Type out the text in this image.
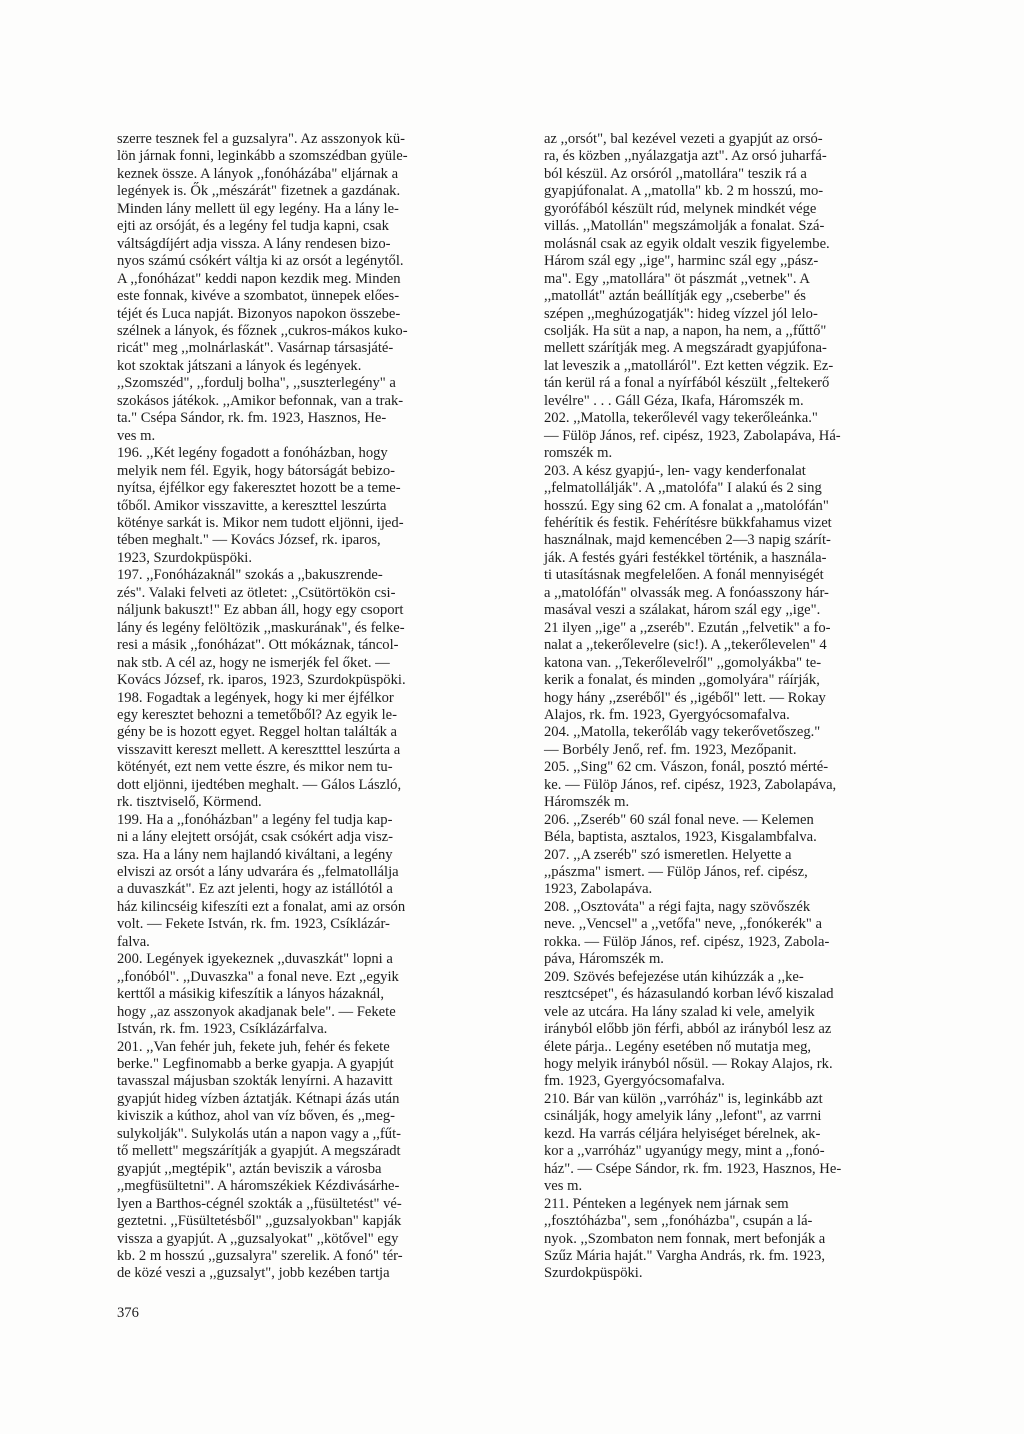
szerre tesznek fel a guzsalyra". Az asszonyok kü-
lön járnak fonni, leginkább a szomszédban gyüle-
keznek össze. A lányok ,,fonóházába" eljárnak a
legények is. Ők ,,mészárát" fizetnek a gazdának.
Minden lány mellett ül egy legény. Ha a lány le-
ejti az orsóját, és a legény fel tudja kapni, csak
váltságdíjért adja vissza. A lány rendesen bizo-
nyos számú csókért váltja ki az orsót a legénytől.
A ,,fonóházat" keddi napon kezdik meg. Minden
este fonnak, kivéve a szombatot, ünnepek előes-
téjét és Luca napját. Bizonyos napokon összebe-
szélnek a lányok, és főznek ,,cukros-mákos kuko-
ricát" meg ,,molnárlaskát". Vasárnap társasjáté-
kot szoktak játszani a lányok és legények.
,,Szomszéd", ,,fordulj bolha", ,,suszterlegény" a
szokásos játékok. ,,Amikor befonnak, van a trak-
ta." Csépa Sándor, rk. fm. 1923, Hasznos, He-
ves m.

196. ,,Két legény fogadott a fonóházban, hogy
melyik nem fél. Egyik, hogy bátorságát bebizo-
nyítsa, éjfélkor egy fakeresztet hozott be a teme-
tőből. Amikor visszavitte, a kereszttel leszúrta
kötényе sarkát is. Mikor nem tudott eljönni, ijed-
tében meghalt." — Kovács József, rk. iparos,
1923, Szurdokpüspöki.

197. ,,Fonóházaknál" szokás a ,,bakuszrende-
zés". Valaki felveti az ötletet: ,,Csütörtökön csi-
náljunk bakuszt!" Ez abban áll, hogy egy csoport
lány és legény felöltözik ,,maskurának", és felke-
resi a másik ,,fonóházat". Ott mókáznak, táncol-
nak stb. A cél az, hogy ne ismerjék fel őket. —
Kovács József, rk. iparos, 1923, Szurdokpüspöki.

198. Fogadtak a legények, hogy ki mer éjfélkor
egy keresztet behozni a temetőből? Az egyik le-
gény be is hozott egyet. Reggel holtan találták a
visszavitt kereszt mellett. A keresztttel leszúrta a
kötényét, ezt nem vette észre, és mikor nem tu-
dott eljönni, ijedtében meghalt. — Gálos László,
rk. tisztviselő, Körmend.

199. Ha a ,,fonóházban" a legény fel tudja kap-
ni a lány elejtett orsóját, csak csókért adja visz-
sza. Ha a lány nem hajlandó kiváltani, a legény
elviszi az orsót a lány udvarára és ,,felmatollálja
a duvaszkát". Ez azt jelenti, hogy az istállótól a
ház kilincséig kifeszíti ezt a fonalat, ami az orsón
volt. — Fekete István, rk. fm. 1923, Csíklázár-
falva.

200. Legények igyekeznek ,,duvaszkát" lopni a
,,fonóból". ,,Duvaszka" a fonal neve. Ezt ,,egyik
kerttől a másikig kifeszítik a lányos házaknál,
hogy ,,az asszonyok akadjanak bele". — Fekete
István, rk. fm. 1923, Csíklázárfalva.

201. ,,Van fehér juh, fekete juh, fehér és fekete
berke." Legfinomabb a berke gyapja. A gyapjút
tavasszal májusban szokták lenyírni. A hazavitt
gyapjút hideg vízben áztatják. Kétnapi ázás után
kiviszik a kúthoz, ahol van víz bőven, és ,,meg-
sulykolják". Sulykolás után a napon vagy a ,,fűt-
tő mellett" megszárítják a gyapjút. A megszáradt
gyapjút ,,megtépik", aztán beviszik a városba
,,megfüsültetni". A háromszékiek Kézdivásárhe-
lyen a Barthos-cégnél szokták a ,,füsültetést" vé-
geztetni. ,,Füsültetésből" ,,guzsalyokban" kapják
vissza a gyapjút. A ,,guzsalyokat" ,,kötővel" egy
kb. 2 m hosszú ,,guzsalyra" szerelik. A fonó" tér-
de közé veszi a ,,guzsalyt", jobb kezében tartja

az ,,orsót", bal kezével vezeti a gyapjút az orsó-
ra, és közben ,,nyálazgatja azt". Az orsó juharfá-
ból készül. Az orsóról ,,matollára" teszik rá a
gyapjúfonalat. A ,,matolla" kb. 2 m hosszú, mo-
gyorófából készült rúd, melynek mindkét vége
villás. ,,Matollán" megszámolják a fonalat. Szá-
molásnál csak az egyik oldalt veszik figyelembe.
Három szál egy ,,ige", harminc szál egy ,,pász-
ma". Egy ,,matollára" öt pászmát ,,vetnek". A
,,matollát" aztán beállítják egy ,,cseberbe" és
szépen ,,meghúzogatják": hideg vízzel jól lelo-
csolják. Ha süt a nap, a napon, ha nem, a ,,fűttő"
mellett szárítják meg. A megszáradt gyapjúfona-
lat leveszik a ,,matolláról". Ezt ketten végzik. Ez-
tán kerül rá a fonal a nyírfából készült ,,feltekerő
levélre" . . . Gáll Géza, Ikafa, Háromszék m.

202. ,,Matolla, tekerőlevél vagy tekerőleánka."
— Fülöp János, ref. cipész, 1923, Zabolapáva, Há-
romszék m.

203. A kész gyapjú-, len- vagy kenderfonalat
,,felmatollálják". A ,,matolófa" I alakú és 2 sing
hosszú. Egy sing 62 cm. A fonalat a ,,matolófán"
fehérítik és festik. Fehérítésre bükkfahamus vizet
használnak, majd kemencében 2—3 napig szárít-
ják. A festés gyári festékkel történik, a használa-
ti utasításnak megfelelően. A fonál mennyiségét
a ,,matolófán" olvassák meg. A fonóasszony hár-
masával veszi a szálakat, három szál egy ,,ige".
21 ilyen ,,ige" a ,,zseréb". Ezután ,,felvetik" a fo-
nalat a ,,tekerőlevelre (sic!). A ,,tekerőlevelen" 4
katona van. ,,Tekerőlevelről" ,,gomolyákba" te-
kerik a fonalat, és minden ,,gomolyára" ráírják,
hogy hány ,,zseréből" és ,,igéből" lett. — Rokay
Alajos, rk. fm. 1923, Gyergyócsomafalva.

204. ,,Matolla, tekerőláb vagy tekerővetőszeg."
— Borbély Jenő, ref. fm. 1923, Mezőpanit.

205. ,,Sing" 62 cm. Vászon, fonál, posztó mérté-
ke. — Fülöp János, ref. cipész, 1923, Zabolapáva,
Háromszék m.

206. ,,Zseréb" 60 szál fonal neve. — Kelemen
Béla, baptista, asztalos, 1923, Kisgalambfalva.

207. ,,A zseréb" szó ismeretlen. Helyette a
,,pászma" ismert. — Fülöp János, ref. cipész,
1923, Zabolapáva.

208. ,,Osztováta" a régi fajta, nagy szövőszék
neve. ,,Vencsel" a ,,vetőfa" neve, ,,fonókerék" a
rokka. — Fülöp János, ref. cipész, 1923, Zabola-
páva, Háromszék m.

209. Szövés befejezése után kihúzzák a ,,ke-
resztcsépet", és házasulandó korban lévő kiszalad
vele az utcára. Ha lány szalad ki vele, amelyik
irányból előbb jön férfi, abból az irányból lesz az
élete párja.. Legény esetében nő mutatja meg,
hogy melyik irányból nősül. — Rokay Alajos, rk.
fm. 1923, Gyergyócsomafalva.

210. Bár van külön ,,varróház" is, leginkább azt
csinálják, hogy amelyik lány ,,lefont", az varrni
kezd. Ha varrás céljára helyiséget bérelnek, ak-
kor a ,,varróház" ugyanúgy megy, mint a ,,fonó-
ház". — Csépe Sándor, rk. fm. 1923, Hasznos, He-
ves m.

211. Pénteken a legények nem járnak sem
,,fosztóházba", sem ,,fonóházba", csupán a lá-
nyok. ,,Szombaton nem fonnak, mert befonják a
Szűz Mária haját." Vargha András, rk. fm. 1923,
Szurdokpüspöki.

376
